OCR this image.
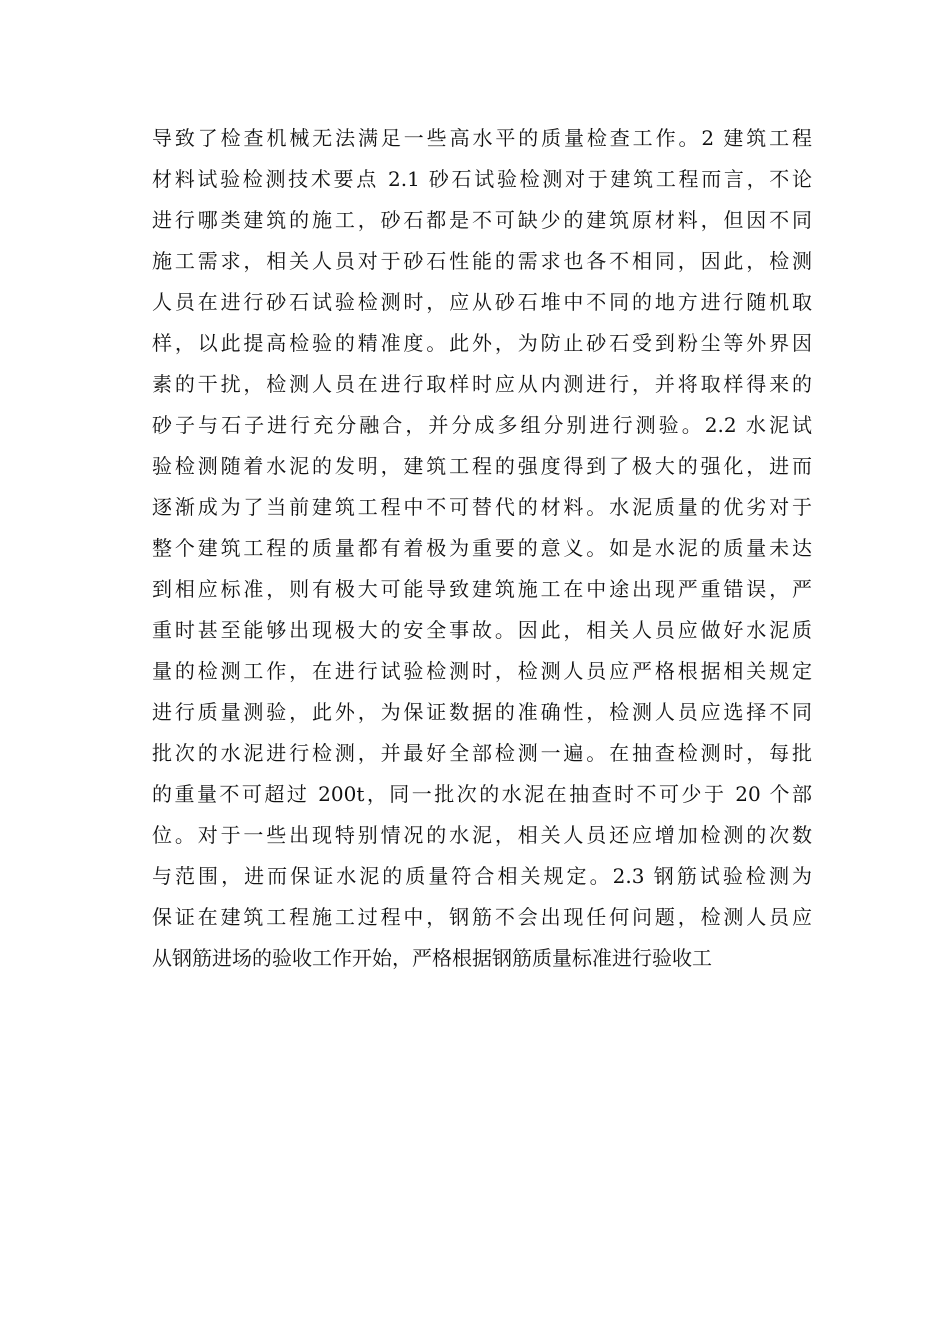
导致了检查机械无法满足一些高水平的质量检查工作。2 建筑工程
材料试验检测技术要点 2.1 砂石试验检测对于建筑工程而言，不论
进行哪类建筑的施工，砂石都是不可缺少的建筑原材料，但因不同
施工需求，相关人员对于砂石性能的需求也各不相同，因此，检测
人员在进行砂石试验检测时，应从砂石堆中不同的地方进行随机取
样，以此提高检验的精准度。此外，为防止砂石受到粉尘等外界因
素的干扰，检测人员在进行取样时应从内测进行，并将取样得来的
砂子与石子进行充分融合，并分成多组分别进行测验。2.2 水泥试
验检测随着水泥的发明，建筑工程的强度得到了极大的强化，进而
逐渐成为了当前建筑工程中不可替代的材料。水泥质量的优劣对于
整个建筑工程的质量都有着极为重要的意义。如是水泥的质量未达
到相应标准，则有极大可能导致建筑施工在中途出现严重错误，严
重时甚至能够出现极大的安全事故。因此，相关人员应做好水泥质
量的检测工作，在进行试验检测时，检测人员应严格根据相关规定
进行质量测验，此外，为保证数据的准确性，检测人员应选择不同
批次的水泥进行检测，并最好全部检测一遍。在抽查检测时，每批
的重量不可超过 200t，同一批次的水泥在抽查时不可少于 20 个部
位。对于一些出现特别情况的水泥，相关人员还应增加检测的次数
与范围，进而保证水泥的质量符合相关规定。2.3 钢筋试验检测为
保证在建筑工程施工过程中，钢筋不会出现任何问题，检测人员应
从钢筋进场的验收工作开始，严格根据钢筋质量标准进行验收工
